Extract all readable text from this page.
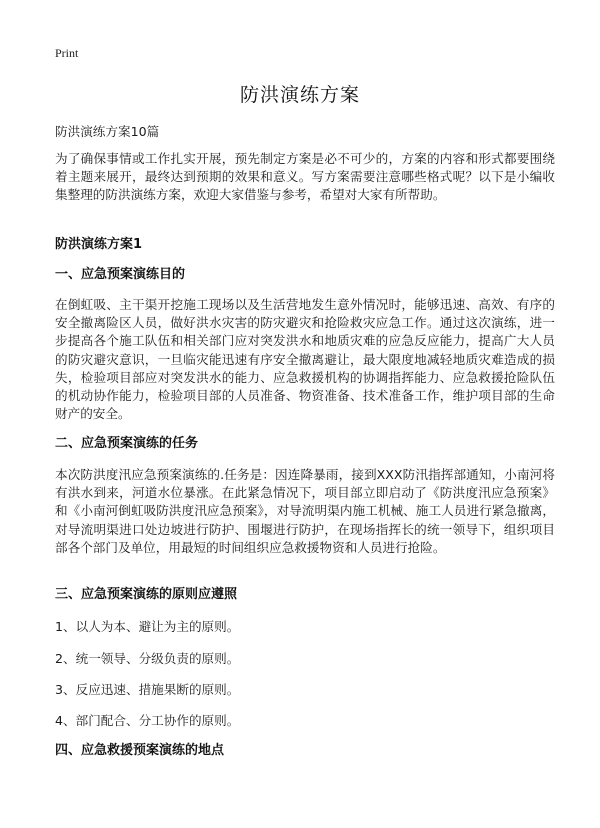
Print
防洪演练方案

防洪演练方案10篇

为了确保事情或工作扎实开展，预先制定方案是必不可少的，方案的内容和形式都要围绕着主题来展开，最终达到预期的效果和意义。写方案需要注意哪些格式呢？以下是小编收集整理的防洪演练方案，欢迎大家借鉴与参考，希望对大家有所帮助。

防洪演练方案1

一、应急预案演练目的

在倒虹吸、主干渠开挖施工现场以及生活营地发生意外情况时，能够迅速、高效、有序的安全撤离险区人员，做好洪水灾害的防灾避灾和抢险救灾应急工作。通过这次演练，进一步提高各个施工队伍和相关部门应对突发洪水和地质灾难的应急反应能力，提高广大人员的防灾避灾意识，一旦临灾能迅速有序安全撤离避让，最大限度地减轻地质灾难造成的损失，检验项目部应对突发洪水的能力、应急救援机构的协调指挥能力、应急救援抢险队伍的机动协作能力，检验项目部的人员准备、物资准备、技术准备工作，维护项目部的生命财产的安全。

二、应急预案演练的任务

本次防洪度汛应急预案演练的.任务是：因连降暴雨，接到XXX防汛指挥部通知，小南河将有洪水到来，河道水位暴涨。在此紧急情况下，项目部立即启动了《防洪度汛应急预案》和《小南河倒虹吸防洪度汛应急预案》，对导流明渠内施工机械、施工人员进行紧急撤离，对导流明渠进口处边坡进行防护、围堰进行防护，在现场指挥长的统一领导下，组织项目部各个部门及单位，用最短的时间组织应急救援物资和人员进行抢险。

三、应急预案演练的原则应遵照

1、以人为本、避让为主的原则。

2、统一领导、分级负责的原则。

3、反应迅速、措施果断的原则。

4、部门配合、分工协作的原则。

四、应急救援预案演练的地点
